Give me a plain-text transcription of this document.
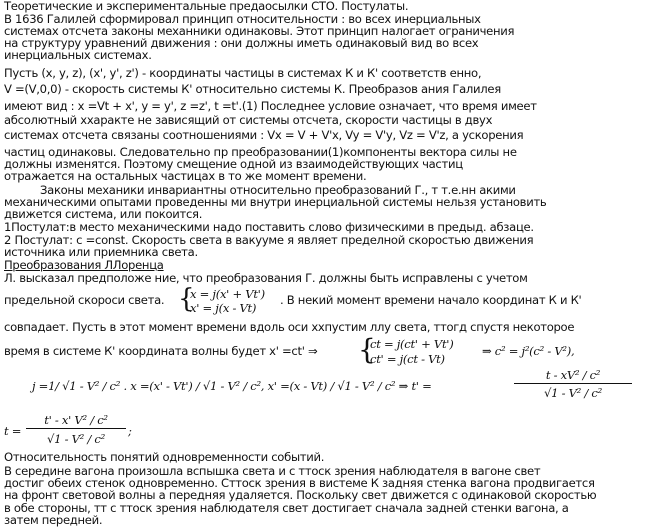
Теоретические и экспериментальные предаосылки СТО. Постулаты.
В 1636 Галилей сформировал принцип относительности : во всех инерциальных
системах отсчета законы механники одинаковы. Этот принцип налогает ограничения
на структуру уравнений движения : они должны иметь одинаковый вид во всех
инерциальных системах.
Пусть (x, y, z), (x', y', z') - координаты частицы в системах К и К' соответств енно,
V =(V,0,0) - скорость системы К' относительно системы К. Преобразов ания Галилея
имеют вид : x =Vt + x', y = y', z =z', t =t'.(1) Последнее условие означает, что время имеет
абсолютный ххаракте не зависящий от системы отсчета, скорости частицы в двух
системах отсчета связаны соотношениями : Vx = V + V'x, Vy = V'y, Vz = V'z, а ускорения
частиц одинаковы. Следовательно пр преобразовании(1)компоненты вектора силы не
должны изменятся. Поэтому смещение одной из взаимодействующих частиц
отражается на остальных частицах в то же момент времени.
Законы механики инвариантны относительно преобразований Г., т т.е.нн акими
механическими опытами проведенны ми внутри инерциальной системы нельзя установить
движется система, или покоится.
1Постулат:в место механическими надо поставить слово физическими в предыд. абзаце.
2 Постулат: c =const. Скорость света в вакууме я являет пределной скоростью движения
источника или приемника света.
Преобразования ЛЛоренца
Л. высказал предположе ние, что преобразования Г. должны быть исправлены с учетом
предельной скороси света. {
x = j(x' + Vt')
x' = j(x - Vt)
. В некий момент времени начало координат К и К'
совпадает. Пусть в этот момент времени вдоль оси ххпустим ллу света, ттогд спустя некоторое
время в системе К' координата волны будет x' =ct' ⇒ {
ct = j(ct' + Vt')
ct' = j(ct - Vt)
⇒ c² = j²(c² - V²),
j =1/ √1 - V² / c² . x =(x' - Vt') / √1 - V² / c², x' =(x - Vt) / √1 - V² / c² ⇒ t' =
t - xV² / c²
√1 - V² / c²
t =
t' - x' V² / c²
√1 - V² / c²
;
Относительность понятий одновременности событий.
В середине вагона произошла вспышка света и с ттоск зрения наблюдателя в вагоне свет
достиг обеих стенок одновременно. Сттоск зрения в вистеме К задняя стенка вагона продвигается
на фронт световой волны а передняя удаляется. Поскольку свет движется с одинаковой скоростью
в обе стороны, тт с ттоск зрения наблюдателя свет достигает сначала задней стенки вагона, а
затем передней.
